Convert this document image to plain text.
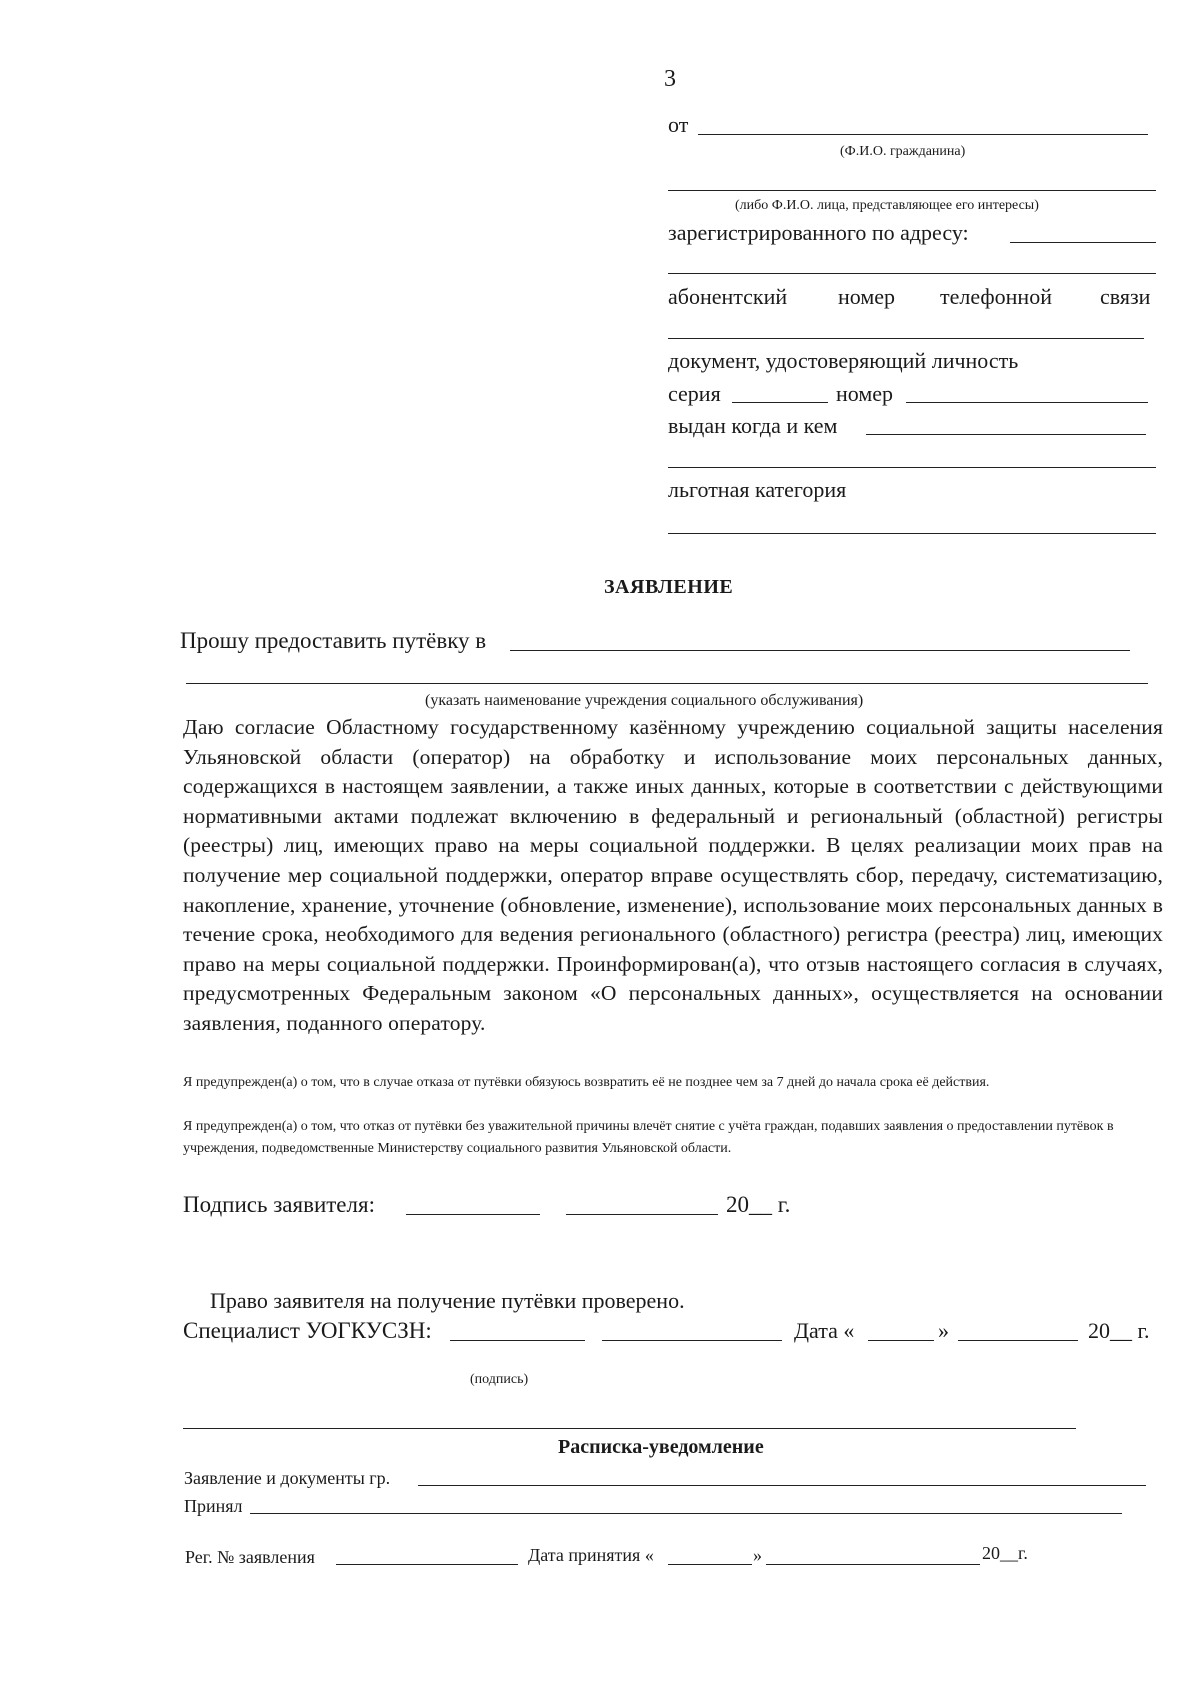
3
от
(Ф.И.О. гражданина)
(либо Ф.И.О. лица, представляющее его интересы)
зарегистрированного по адресу:
абонентский номер телефонной связи
документ, удостоверяющий личность
серия	номер
выдан когда и кем
льготная категория
ЗАЯВЛЕНИЕ
Прошу предоставить путёвку в
(указать наименование учреждения социального обслуживания)
Даю согласие Областному государственному казённому учреждению социальной защиты населения Ульяновской области (оператор) на обработку и использование моих персональных данных, содержащихся в настоящем заявлении, а также иных данных, которые в соответствии с действующими нормативными актами подлежат включению в федеральный и региональный (областной) регистры (реестры) лиц, имеющих право на меры социальной поддержки. В целях реализации моих прав на получение мер социальной поддержки, оператор вправе осуществлять сбор, передачу, систематизацию, накопление, хранение, уточнение (обновление, изменение), использование моих персональных данных в течение срока, необходимого для ведения регионального (областного) регистра (реестра) лиц, имеющих право на меры социальной поддержки. Проинформирован(а), что отзыв настоящего согласия в случаях, предусмотренных Федеральным законом «О персональных данных», осуществляется на основании заявления, поданного оператору.
Я предупрежден(а) о том, что в случае отказа от путёвки обязуюсь возвратить её не позднее чем за 7 дней до начала срока её действия.
Я предупрежден(а) о том, что отказ от путёвки без уважительной причины влечёт снятие с учёта граждан, подавших заявления о предоставлении путёвок в учреждения, подведомственные Министерству социального развития Ульяновской области.
Подпись заявителя:	20__ г.
Право заявителя на получение путёвки проверено.
Специалист УОГКУСЗН:	Дата «	»	20__ г.
(подпись)
Расписка-уведомление
Заявление и документы гр.
Принял
Рег. № заявления	Дата принятия «	»	20__г.
